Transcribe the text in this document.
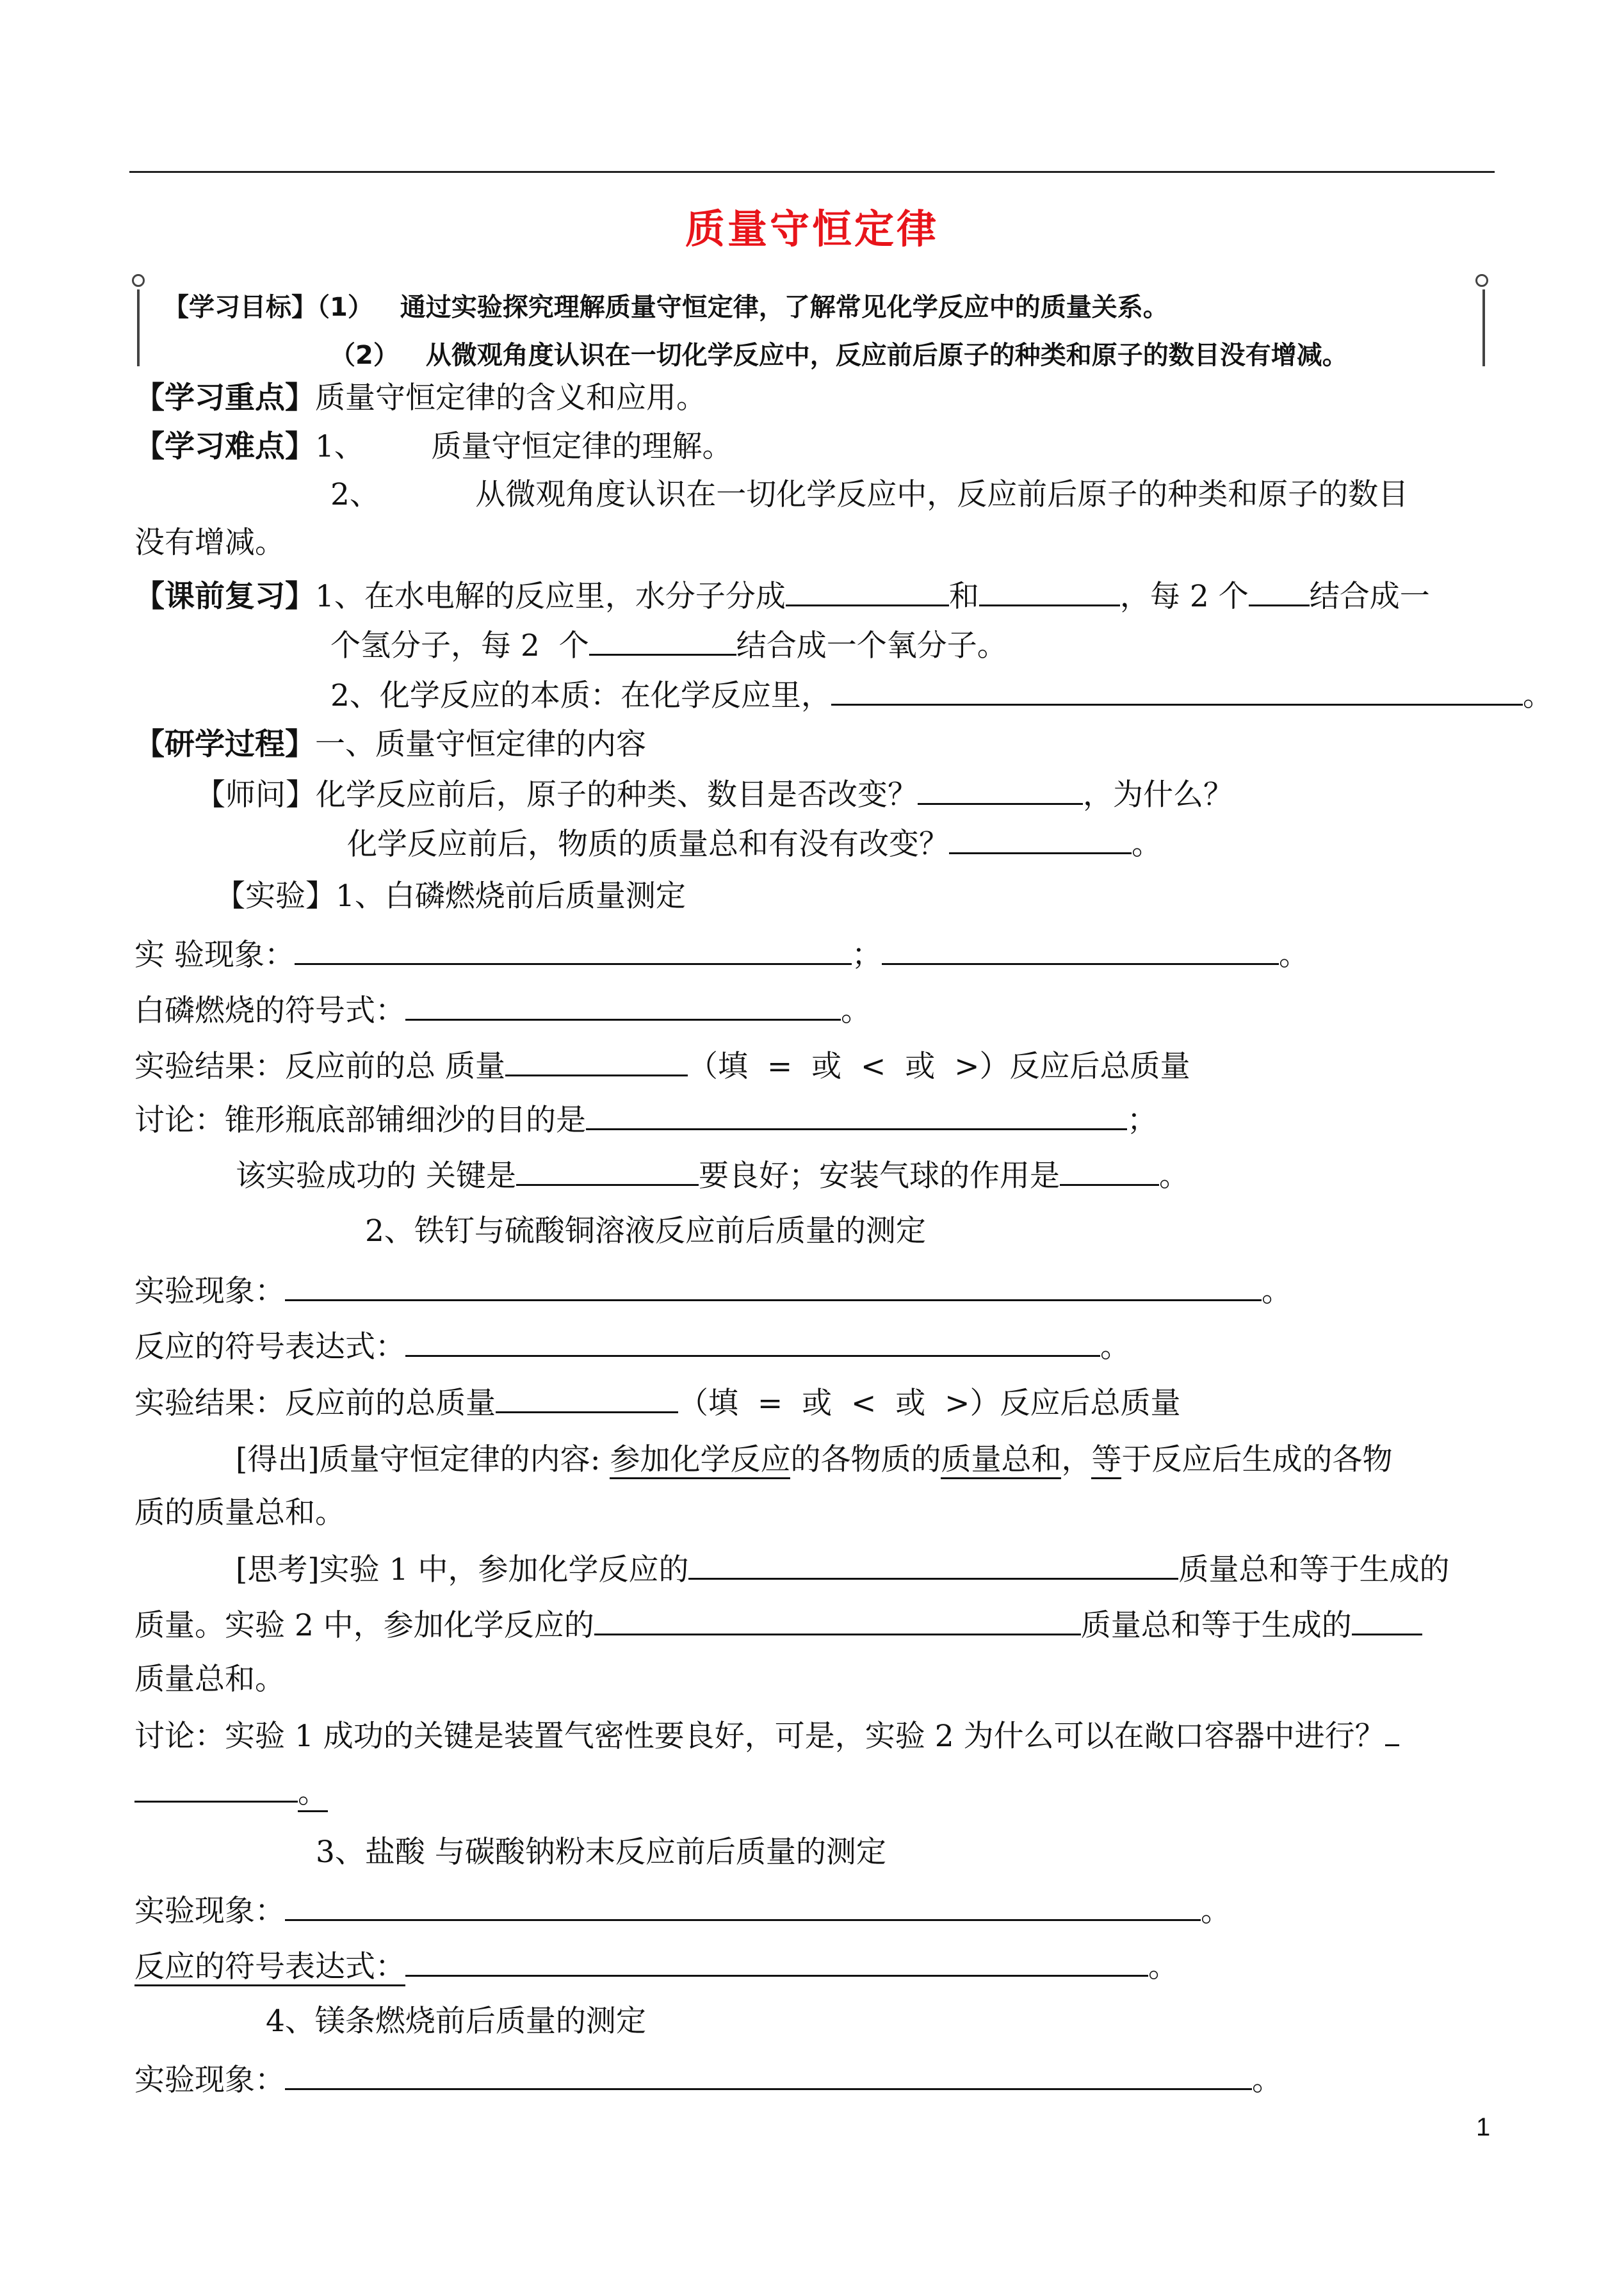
质量守恒定律
【学习目标】（1） 通过实验探究理解质量守恒定律，了解常见化学反应中的质量关系。
（2） 从微观角度认识在一切化学反应中，反应前后原子的种类和原子的数目没有增减。
【学习重点】质量守恒定律的含义和应用。
【学习难点】1、       质量守恒定律的理解。
2、          从微观角度认识在一切化学反应中，反应前后原子的种类和原子的数目
没有增减。
【课前复习】1、在水电解的反应里，水分子分成	和	，每 2 个 结合成一
个氢分子，每 2  个	结合成一个氧分子。
2、化学反应的本质：在化学反应里，	。
【研学过程】一、质量守恒定律的内容
【师问】化学反应前后，原子的种类、数目是否改变？	，为什么？
化学反应前后，物质的质量总和有没有改变？	。
【实验】1、白磷燃烧前后质量测定
实 验现象：	；	。
白磷燃烧的符号式：	。
实验结果：反应前的总 质量	（填  =  或  <  或  >）反应后总质量
讨论：锥形瓶底部铺细沙的目的是	；
该实验成功的 关键是	要良好；安装气球的作用是	。
2、铁钉与硫酸铜溶液反应前后质量的测定
实验现象：	。
反应的符号表达式：	。
实验结果：反应前的总质量	（填  =  或  <  或  >）反应后总质量
[得出]质量守恒定律的内容: 参加化学反应的各物质的质量总和，等于反应后生成的各物
质的质量总和。
[思考]实验 1 中，参加化学反应的	质量总和等于生成的
质量。实验 2 中，参加化学反应的	质量总和等于生成的
质量总和。
讨论：实验 1 成功的关键是装置气密性要良好，可是，实验 2 为什么可以在敞口容器中进行？
。
3、盐酸 与碳酸钠粉末反应前后质量的测定
实验现象：	。
反应的符号表达式：	。
4、镁条燃烧前后质量的测定
实验现象：	。
1
